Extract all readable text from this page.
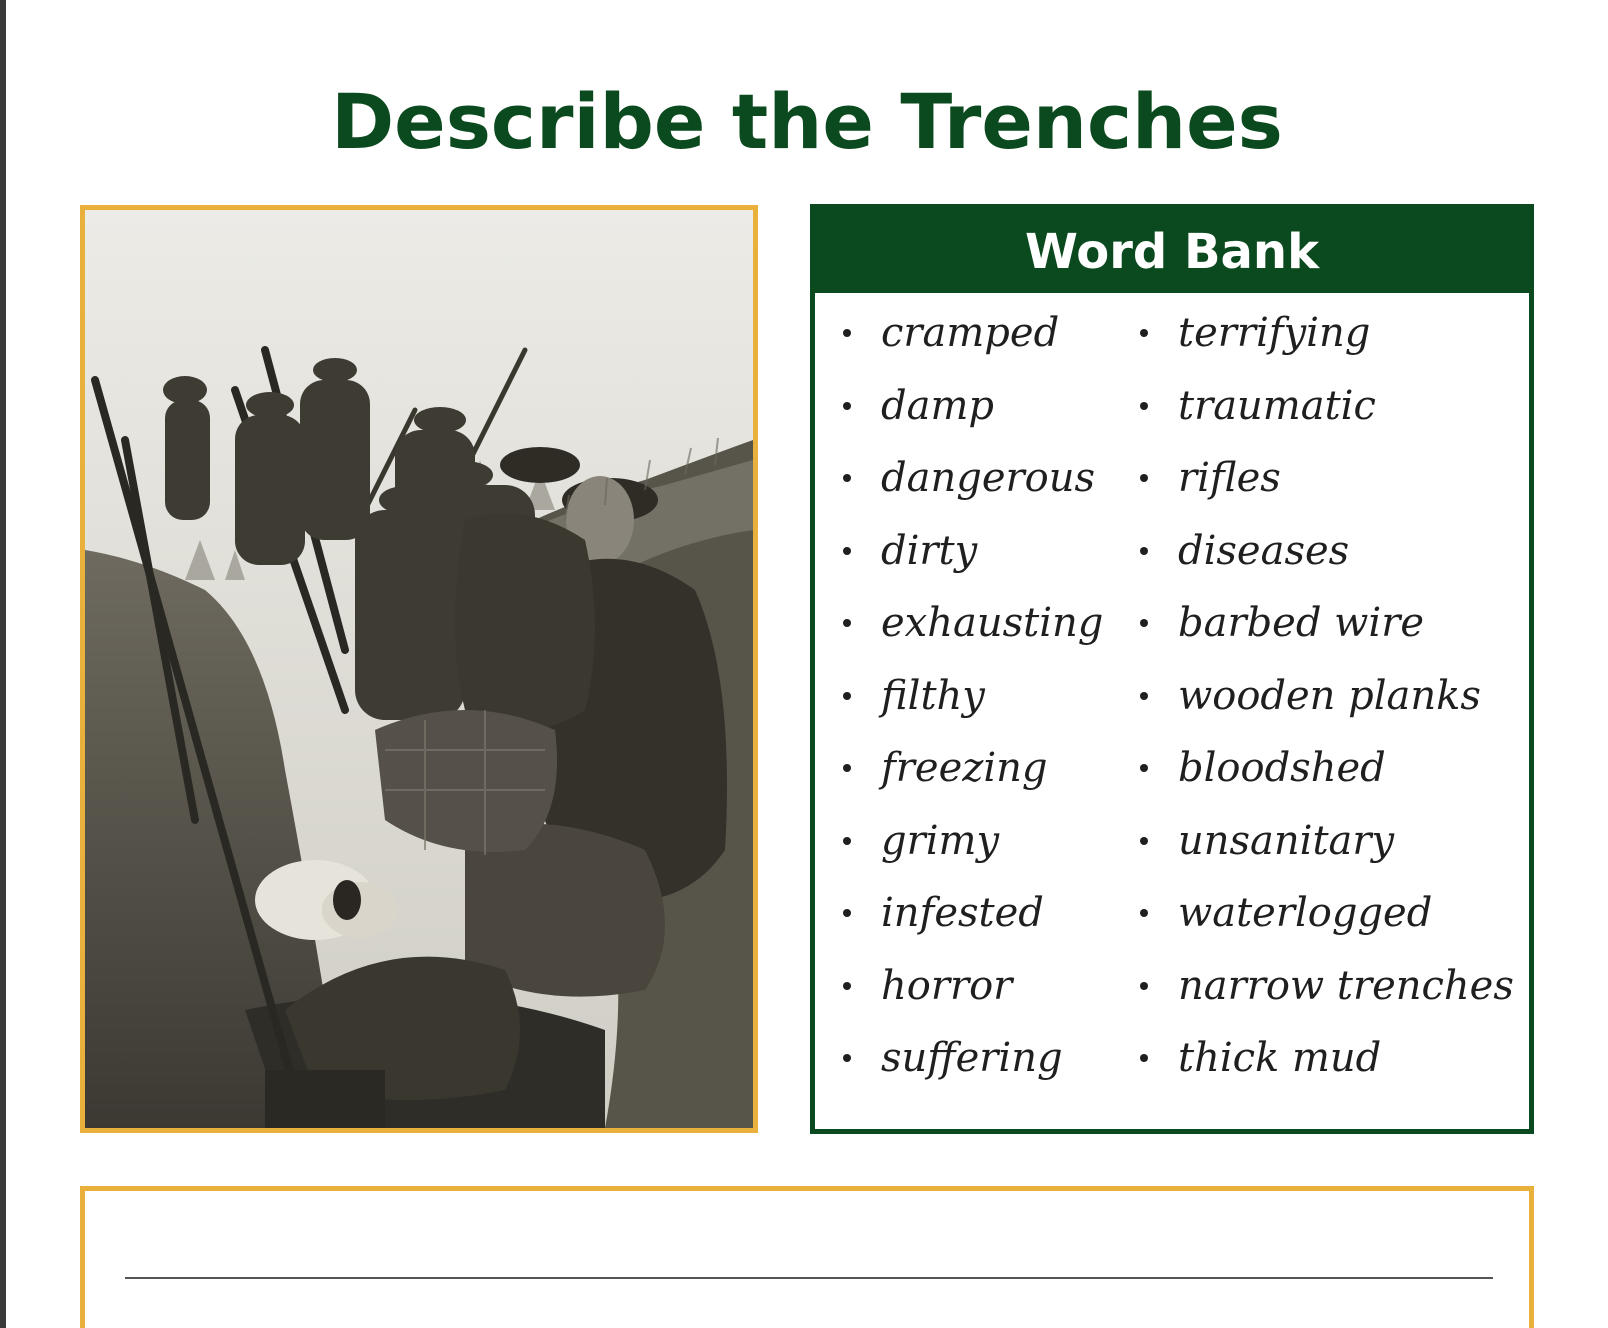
Describe the Trenches
Word Bank
cramped
damp
dangerous
dirty
exhausting
filthy
freezing
grimy
infested
horror
suffering
terrifying
traumatic
rifles
diseases
barbed wire
wooden planks
bloodshed
unsanitary
waterlogged
narrow trenches
thick mud
